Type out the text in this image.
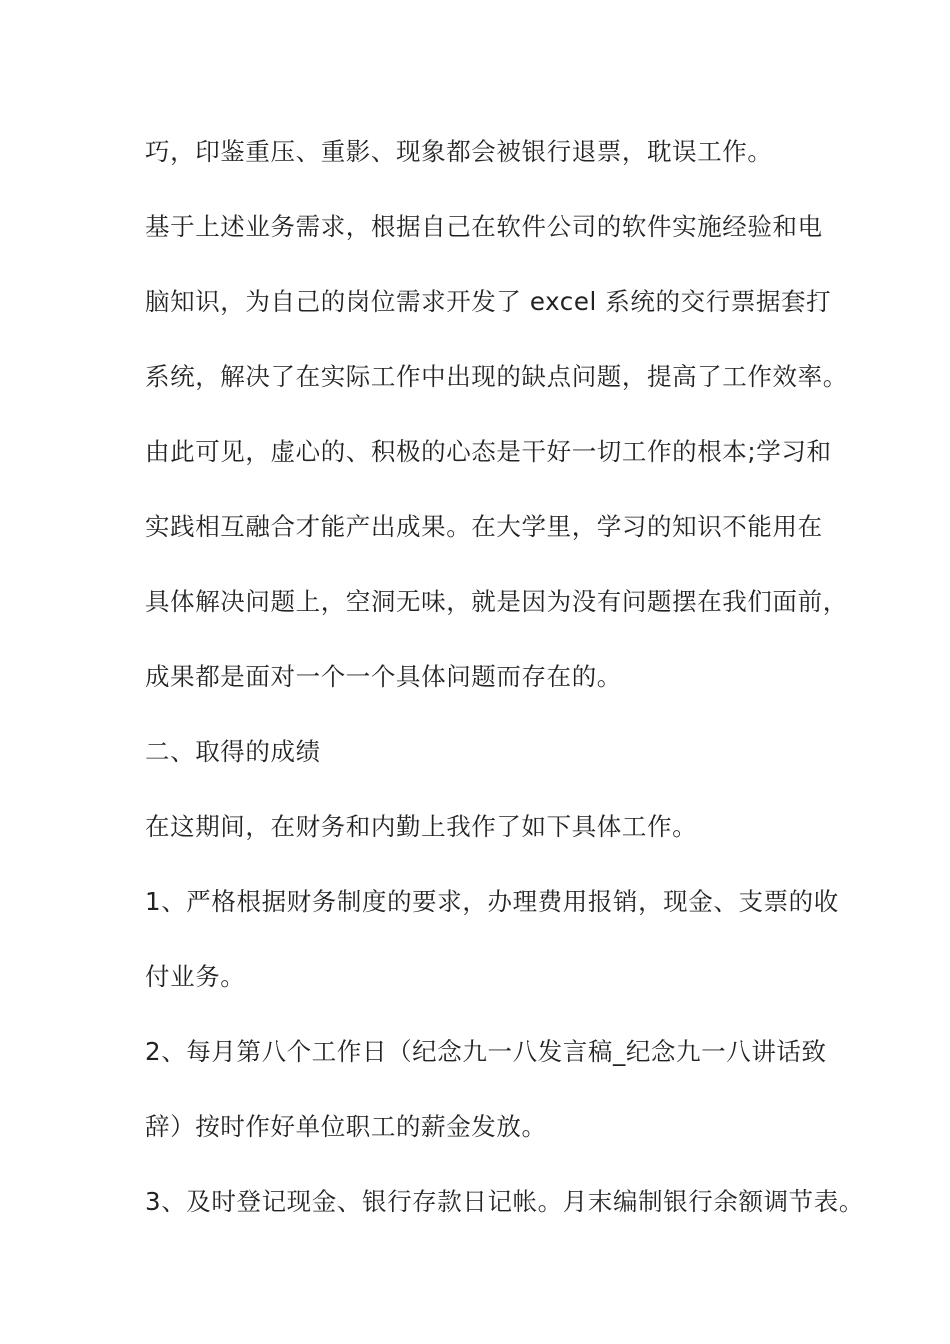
巧，印鉴重压、重影、现象都会被银行退票，耽误工作。

基于上述业务需求，根据自己在软件公司的软件实施经验和电

脑知识，为自己的岗位需求开发了 excel 系统的交行票据套打

系统，解决了在实际工作中出现的缺点问题，提高了工作效率。

由此可见，虚心的、积极的心态是干好一切工作的根本;学习和

实践相互融合才能产出成果。在大学里，学习的知识不能用在

具体解决问题上，空洞无味，就是因为没有问题摆在我们面前，

成果都是面对一个一个具体问题而存在的。

二、取得的成绩

在这期间，在财务和内勤上我作了如下具体工作。

1、严格根据财务制度的要求，办理费用报销，现金、支票的收

付业务。

2、每月第八个工作日（纪念九一八发言稿_纪念九一八讲话致

辞）按时作好单位职工的薪金发放。

3、及时登记现金、银行存款日记帐。月末编制银行余额调节表。
